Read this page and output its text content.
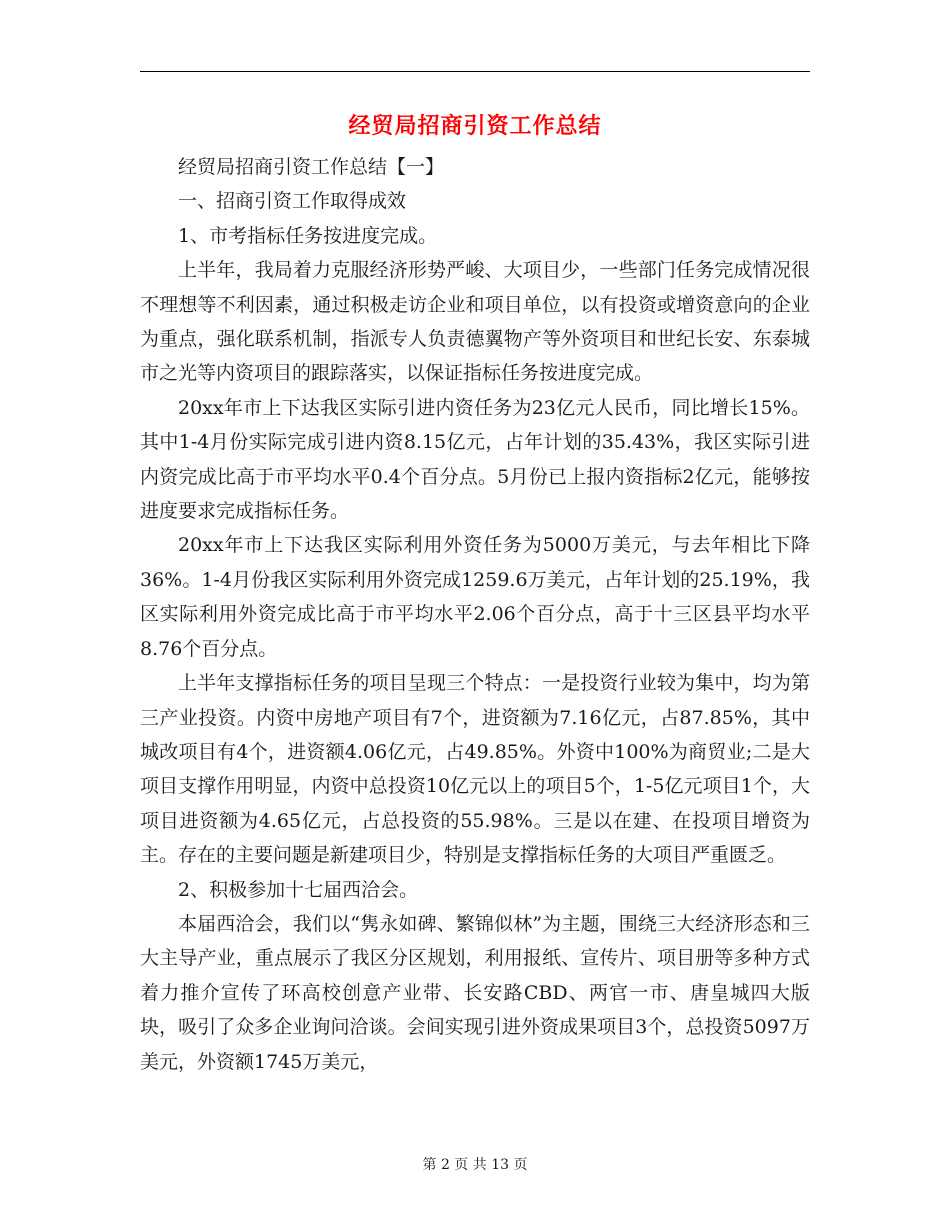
经贸局招商引资工作总结

经贸局招商引资工作总结【一】

一、招商引资工作取得成效

1、市考指标任务按进度完成。

上半年，我局着力克服经济形势严峻、大项目少，一些部门任务完成情况很不理想等不利因素，通过积极走访企业和项目单位，以有投资或增资意向的企业为重点，强化联系机制，指派专人负责德翼物产等外资项目和世纪长安、东泰城市之光等内资项目的跟踪落实，以保证指标任务按进度完成。

20xx年市上下达我区实际引进内资任务为23亿元人民币，同比增长15%。其中1-4月份实际完成引进内资8.15亿元，占年计划的35.43%，我区实际引进内资完成比高于市平均水平0.4个百分点。5月份已上报内资指标2亿元，能够按进度要求完成指标任务。

20xx年市上下达我区实际利用外资任务为5000万美元，与去年相比下降36%。1-4月份我区实际利用外资完成1259.6万美元，占年计划的25.19%，我区实际利用外资完成比高于市平均水平2.06个百分点，高于十三区县平均水平8.76个百分点。

上半年支撑指标任务的项目呈现三个特点：一是投资行业较为集中，均为第三产业投资。内资中房地产项目有7个，进资额为7.16亿元，占87.85%，其中城改项目有4个，进资额4.06亿元，占49.85%。外资中100%为商贸业;二是大项目支撑作用明显，内资中总投资10亿元以上的项目5个，1-5亿元项目1个，大项目进资额为4.65亿元，占总投资的55.98%。三是以在建、在投项目增资为主。存在的主要问题是新建项目少，特别是支撑指标任务的大项目严重匮乏。

2、积极参加十七届西洽会。

本届西洽会，我们以“隽永如碑、繁锦似林”为主题，围绕三大经济形态和三大主导产业，重点展示了我区分区规划，利用报纸、宣传片、项目册等多种方式着力推介宣传了环高校创意产业带、长安路CBD、两官一市、唐皇城四大版块，吸引了众多企业询问洽谈。会间实现引进外资成果项目3个，总投资5097万美元，外资额1745万美元，

第 2 页 共 13 页
